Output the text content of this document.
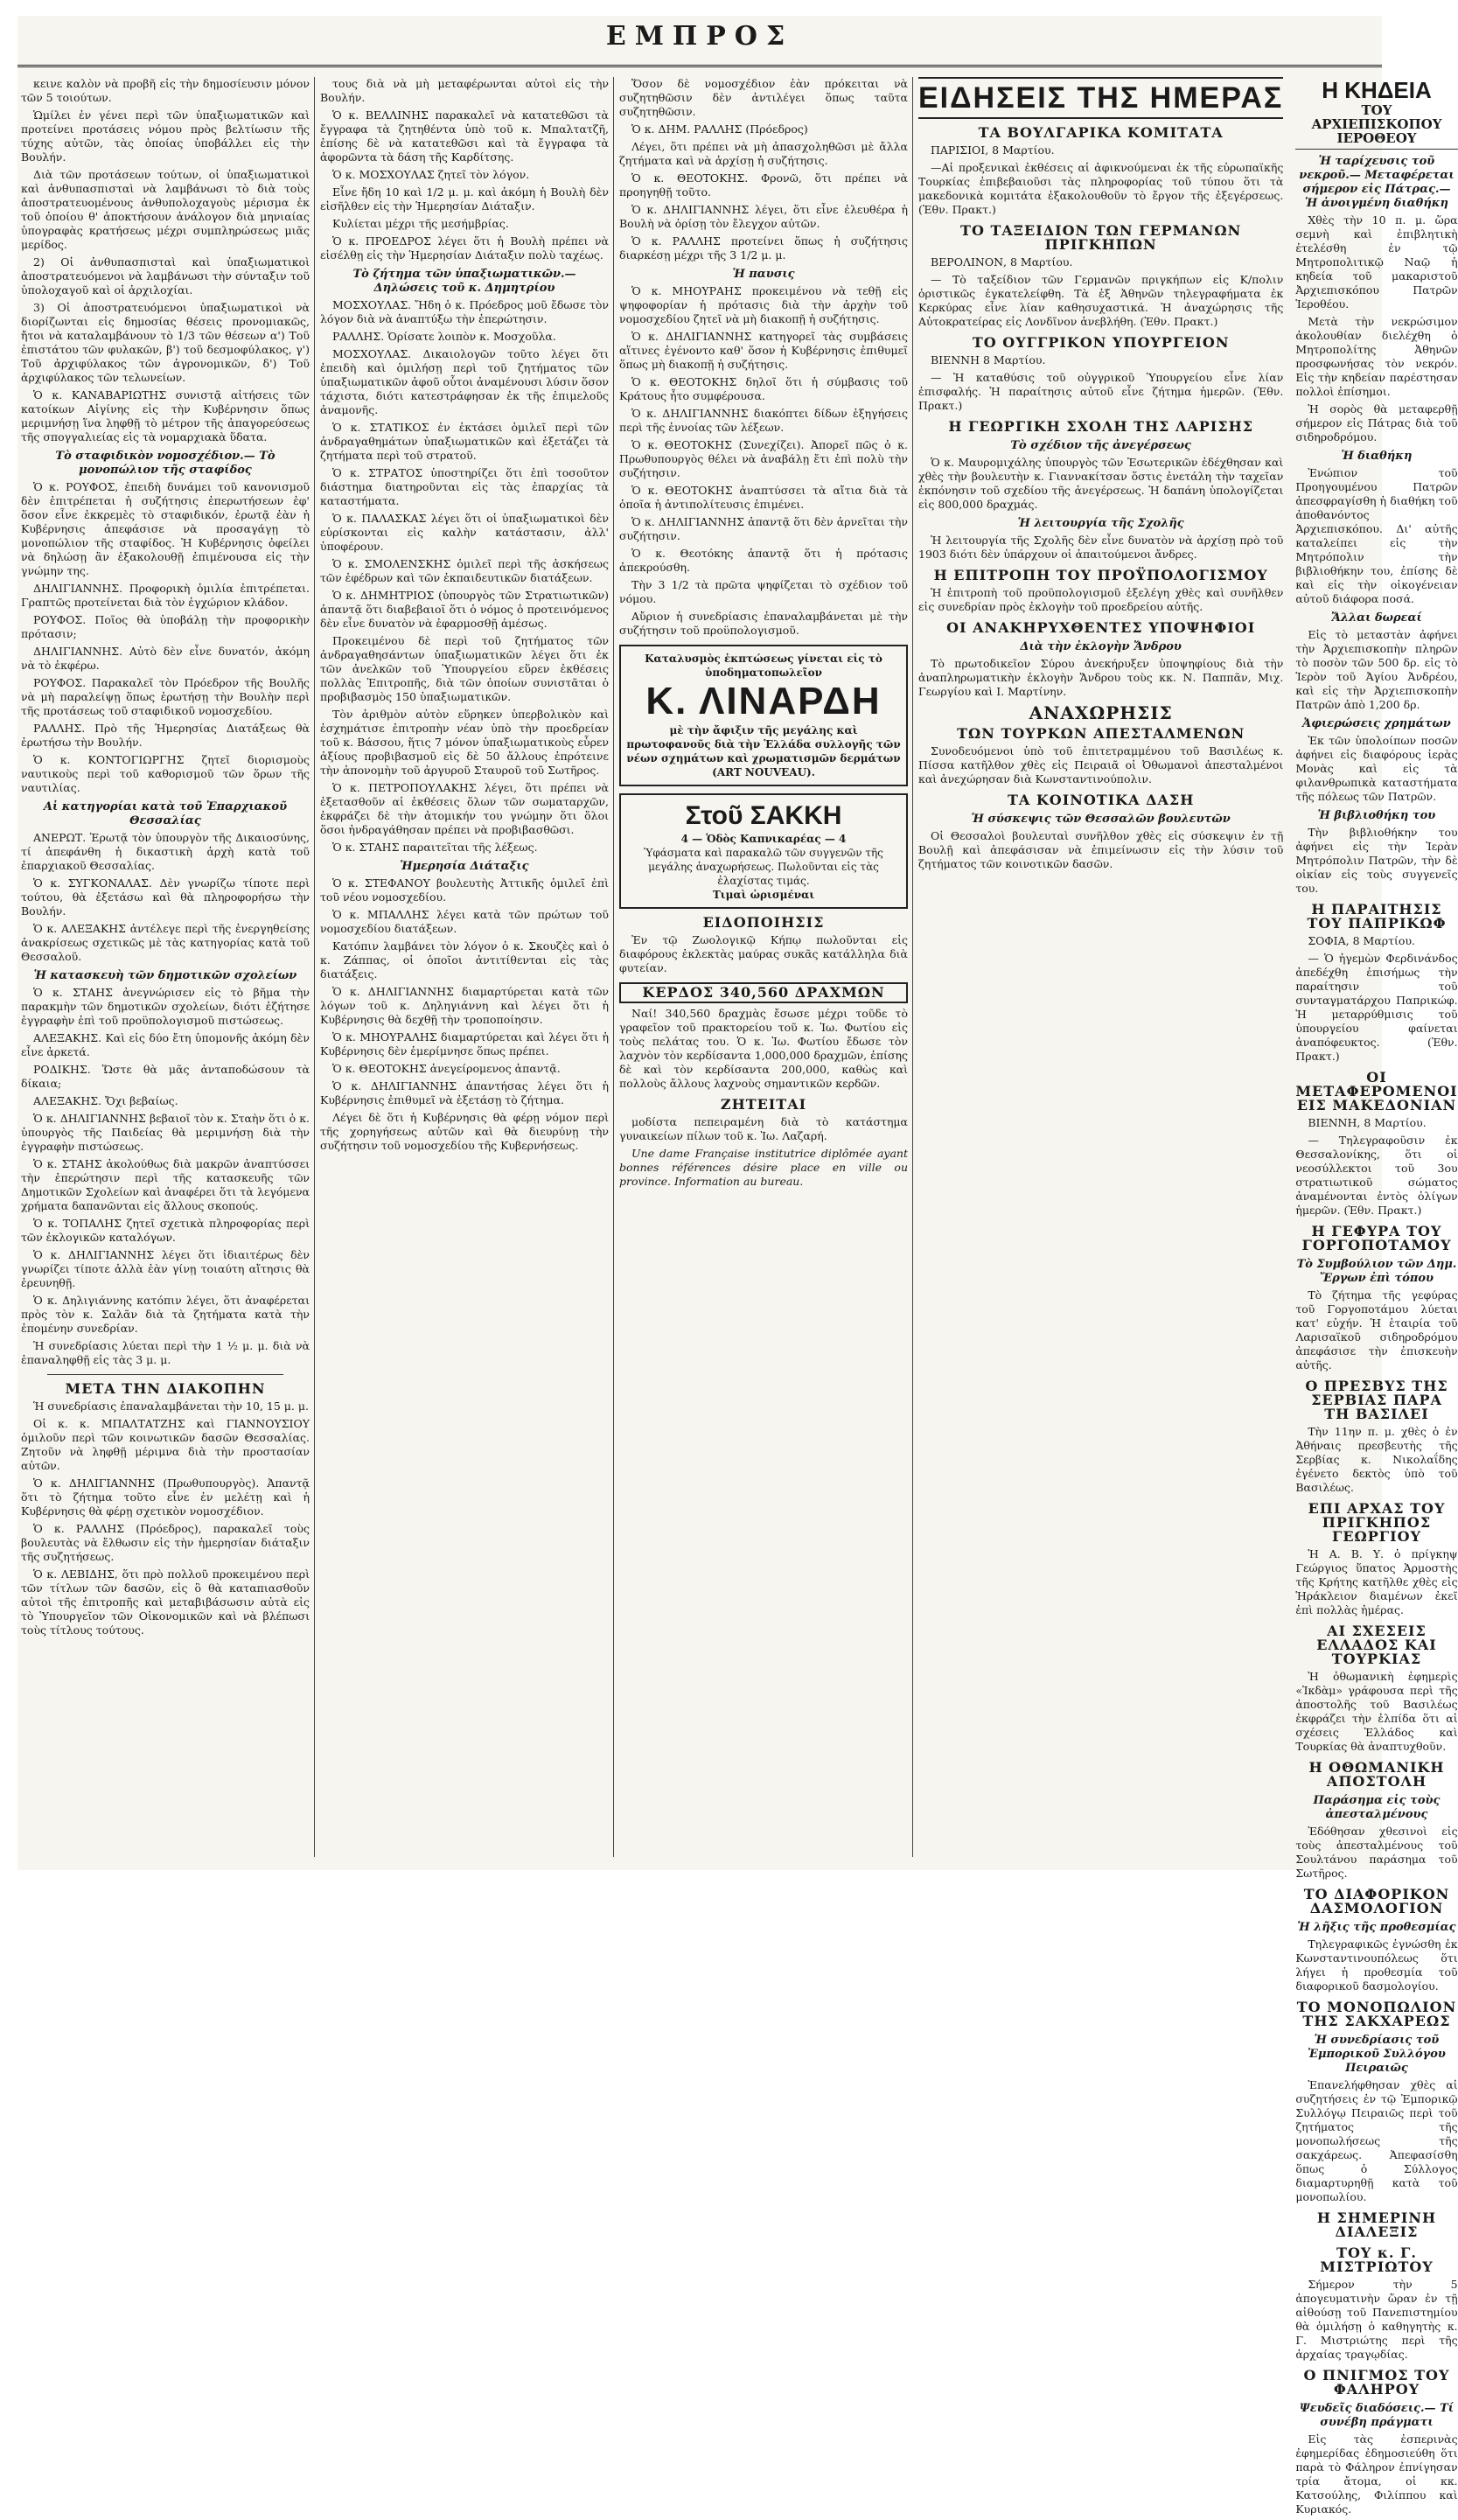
ΕΜΠΡΟΣ

κεινε καλὸν νὰ προβῆ εἰς τὴν δημοσίευσιν μόνον τῶν 5 τοιούτων.

Ὡμίλει ἐν γένει περὶ τῶν ὑπαξιωματικῶν καὶ προτείνει προτάσεις νόμου πρὸς βελτίωσιν τῆς τύχης αὐτῶν, τὰς ὁποίας ὑποβάλλει εἰς τὴν Βουλήν.

Διὰ τῶν προτάσεων τούτων, οἱ ὑπαξιωματικοὶ καὶ ἀνθυπασπισταὶ νὰ λαμβάνωσι τὸ διὰ τοὺς ἀποστρατευομένους ἀνθυπολοχαγοὺς μέρισμα ἐκ τοῦ ὁποίου θ' ἀποκτήσουν ἀνάλογον διὰ μηνιαίας ὑπογραφὰς κρατήσεως μέχρι συμπληρώσεως μιᾶς μερίδος.

2) Οἱ ἀνθυπασπισταὶ καὶ ὑπαξιωματικοὶ ἀποστρατευόμενοι νὰ λαμβάνωσι τὴν σύνταξιν τοῦ ὑπολοχαγοῦ καὶ οἱ ἀρχιλοχίαι.

3) Οἱ ἀποστρατευόμενοι ὑπαξιωματικοὶ νὰ διορίζωνται εἰς δημοσίας θέσεις προνομιακῶς, ἤτοι νὰ καταλαμβάνουν τὸ 1/3 τῶν θέσεων α') Τοῦ ἐπιστάτου τῶν φυλακῶν, β') τοῦ δεσμοφύλακος, γ') Τοῦ ἀρχιφύλακος τῶν ἀγρονομικῶν, δ') Τοῦ ἀρχιφύλακος τῶν τελωνείων.

Ὁ κ. ΚΑΝΑΒΑΡΙΩΤΗΣ συνιστᾷ αἰτήσεις τῶν κατοίκων Αἰγίνης εἰς τὴν Κυβέρνησιν ὅπως μεριμνήσῃ ἵνα ληφθῇ τὸ μέτρον τῆς ἀπαγορεύσεως τῆς σπογγαλιείας εἰς τὰ νομαρχιακὰ ὕδατα.

Τὸ σταφιδικὸν νομοσχέδιον.— Τὸ μονοπώλιον τῆς σταφίδος

Ὁ κ. ΡΟΥΦΟΣ, ἐπειδὴ δυνάμει τοῦ κανονισμοῦ δὲν ἐπιτρέπεται ἡ συζήτησις ἐπερωτήσεων ἐφ' ὅσον εἶνε ἐκκρεμὲς τὸ σταφιδικόν, ἐρωτᾷ ἐὰν ἡ Κυβέρνησις ἀπεφάσισε νὰ προσαγάγῃ τὸ μονοπώλιον τῆς σταφίδος. Ἡ Κυβέρνησις ὀφείλει νὰ δηλώσῃ ἂν ἐξακολουθῇ ἐπιμένουσα εἰς τὴν γνώμην της.

ΔΗΛΙΓΙΑΝΝΗΣ. Προφορικὴ ὁμιλία ἐπιτρέπεται. Γραπτῶς προτείνεται διὰ τὸν ἐγχώριον κλάδον.

ΡΟΥΦΟΣ. Ποῖος θὰ ὑποβάλῃ τὴν προφορικὴν πρότασιν;

ΔΗΛΙΓΙΑΝΝΗΣ. Αὐτὸ δὲν εἶνε δυνατόν, ἀκόμη νὰ τὸ ἐκφέρω.

ΡΟΥΦΟΣ. Παρακαλεῖ τὸν Πρόεδρον τῆς Βουλῆς νὰ μὴ παραλείψῃ ὅπως ἐρωτήσῃ τὴν Βουλὴν περὶ τῆς προτάσεως τοῦ σταφιδικοῦ νομοσχεδίου.

ΡΑΛΛΗΣ. Πρὸ τῆς Ἡμερησίας Διατάξεως θὰ ἐρωτήσω τὴν Βουλήν.

Ὁ κ. ΚΟΝΤΟΓΙΩΡΓΗΣ ζητεῖ διορισμοὺς ναυτικοὺς περὶ τοῦ καθορισμοῦ τῶν ὅρων τῆς ναυτιλίας.

Αἱ κατηγορίαι κατὰ τοῦ Ἐπαρχιακοῦ Θεσσαλίας

ΑΝΕΡΩΤ. Ἐρωτᾷ τὸν ὑπουργὸν τῆς Δικαιοσύνης, τί ἀπεφάνθη ἡ δικαστικὴ ἀρχὴ κατὰ τοῦ ἐπαρχιακοῦ Θεσσαλίας.

Ὁ κ. ΣΥΓΚΟΝΑΛΑΣ. Δὲν γνωρίζω τίποτε περὶ τούτου, θὰ ἐξετάσω καὶ θὰ πληροφορήσω τὴν Βουλήν.

Ὁ κ. ΑΛΕΞΑΚΗΣ ἀντέλεγε περὶ τῆς ἐνεργηθείσης ἀνακρίσεως σχετικῶς μὲ τὰς κατηγορίας κατὰ τοῦ Θεσσαλοῦ.

Ἡ κατασκευὴ τῶν δημοτικῶν σχολείων

Ὁ κ. ΣΤΑΗΣ ἀνεγνώρισεν εἰς τὸ βῆμα τὴν παρακμὴν τῶν δημοτικῶν σχολείων, διότι ἐζήτησε ἐγγραφὴν ἐπὶ τοῦ προϋπολογισμοῦ πιστώσεως.

ΑΛΕΞΑΚΗΣ. Καὶ εἰς δύο ἔτη ὑπομονῆς ἀκόμη δὲν εἶνε ἀρκετά.

ΡΟΔΙΚΗΣ. Ὥστε θὰ μᾶς ἀνταποδώσουν τὰ δίκαια;

ΑΛΕΞΑΚΗΣ. Ὄχι βεβαίως.

Ὁ κ. ΔΗΛΙΓΙΑΝΝΗΣ βεβαιοῖ τὸν κ. Σταὴν ὅτι ὁ κ. ὑπουργὸς τῆς Παιδείας θὰ μεριμνήσῃ διὰ τὴν ἐγγραφὴν πιστώσεως.

Ὁ κ. ΣΤΑΗΣ ἀκολούθως διὰ μακρῶν ἀναπτύσσει τὴν ἐπερώτησιν περὶ τῆς κατασκευῆς τῶν Δημοτικῶν Σχολείων καὶ ἀναφέρει ὅτι τὰ λεγόμενα χρήματα δαπανῶνται εἰς ἄλλους σκοπούς.

Ὁ κ. ΤΟΠΑΛΗΣ ζητεῖ σχετικὰ πληροφορίας περὶ τῶν ἐκλογικῶν καταλόγων.

Ὁ κ. ΔΗΛΙΓΙΑΝΝΗΣ λέγει ὅτι ἰδιαιτέρως δὲν γνωρίζει τίποτε ἀλλὰ ἐὰν γίνῃ τοιαύτη αἴτησις θὰ ἐρευνηθῇ.

Ὁ κ. Δηλιγιάννης κατόπιν λέγει, ὅτι ἀναφέρεται πρὸς τὸν κ. Σαλᾶν διὰ τὰ ζητήματα κατὰ τὴν ἐπομένην συνεδρίαν.

Ἡ συνεδρίασις λύεται περὶ τὴν 1 ½ μ. μ. διὰ νὰ ἐπαναληφθῇ εἰς τὰς 3 μ. μ.

ΜΕΤΑ ΤΗΝ ΔΙΑΚΟΠΗΝ

Ἡ συνεδρίασις ἐπαναλαμβάνεται τὴν 10, 15 μ. μ.

Οἱ κ. κ. ΜΠΑΛΤΑΤΖΗΣ καὶ ΓΙΑΝΝΟΥΣΙΟΥ ὁμιλοῦν περὶ τῶν κοινωτικῶν δασῶν Θεσσαλίας. Ζητοῦν νὰ ληφθῇ μέριμνα διὰ τὴν προστασίαν αὐτῶν.

Ὁ κ. ΔΗΛΙΓΙΑΝΝΗΣ (Πρωθυπουργὸς). Ἀπαντᾷ ὅτι τὸ ζήτημα τοῦτο εἶνε ἐν μελέτῃ καὶ ἡ Κυβέρνησις θὰ φέρῃ σχετικὸν νομοσχέδιον.

Ὁ κ. ΡΑΛΛΗΣ (Πρόεδρος), παρακαλεῖ τοὺς βουλευτὰς νὰ ἔλθωσιν εἰς τὴν ἡμερησίαν διάταξιν τῆς συζητήσεως.

Ὁ κ. ΛΕΒΙΔΗΣ, ὅτι πρὸ πολλοῦ προκειμένου περὶ τῶν τίτλων τῶν δασῶν, εἰς ὃ θὰ καταπιασθοῦν αὐτοὶ τῆς ἐπιτροπῆς καὶ μεταβιβάσωσιν αὐτὰ εἰς τὸ Ὑπουργεῖον τῶν Οἰκονομικῶν καὶ νὰ βλέπωσι τοὺς τίτλους τούτους.

τους διὰ νὰ μὴ μεταφέρωνται αὐτοὶ εἰς τὴν Βουλήν.

Ὁ κ. ΒΕΛΛΙΝΗΣ παρακαλεῖ νὰ κατατεθῶσι τὰ ἔγγραφα τὰ ζητηθέντα ὑπὸ τοῦ κ. Μπαλτατζῆ, ἐπίσης δὲ νὰ κατατεθῶσι καὶ τὰ ἔγγραφα τὰ ἀφορῶντα τὰ δάση τῆς Καρδίτσης.

Ὁ κ. ΜΟΣΧΟΥΛΑΣ ζητεῖ τὸν λόγον.

Εἶνε ἤδη 10 καὶ 1/2 μ. μ. καὶ ἀκόμη ἡ Βουλὴ δὲν εἰσῆλθεν εἰς τὴν Ἡμερησίαν Διάταξιν.

Κυλίεται μέχρι τῆς μεσήμβρίας.

Ὁ κ. ΠΡΟΕΔΡΟΣ λέγει ὅτι ἡ Βουλὴ πρέπει νὰ εἰσέλθῃ εἰς τὴν Ἡμερησίαν Διάταξιν πολὺ ταχέως.

Τὸ ζήτημα τῶν ὑπαξιωματικῶν.— Δηλώσεις τοῦ κ. Δημητρίου

ΜΟΣΧΟΥΛΑΣ. Ἤδη ὁ κ. Πρόεδρος μοῦ ἔδωσε τὸν λόγον διὰ νὰ ἀναπτύξω τὴν ἐπερώτησιν.

ΡΑΛΛΗΣ. Ὁρίσατε λοιπὸν κ. Μοσχοῦλα.

ΜΟΣΧΟΥΛΑΣ. Δικαιολογῶν τοῦτο λέγει ὅτι ἐπειδὴ καὶ ὁμιλήσῃ περὶ τοῦ ζητήματος τῶν ὑπαξιωματικῶν ἀφοῦ οὗτοι ἀναμένουσι λύσιν ὅσον τάχιστα, διότι κατεστράφησαν ἐκ τῆς ἐπιμελοῦς ἀναμονῆς.

Ὁ κ. ΣΤΑΤΙΚΟΣ ἐν ἐκτάσει ὁμιλεῖ περὶ τῶν ἀνδραγαθημάτων ὑπαξιωματικῶν καὶ ἐξετάζει τὰ ζητήματα περὶ τοῦ στρατοῦ.

Ὁ κ. ΣΤΡΑΤΟΣ ὑποστηρίζει ὅτι ἐπὶ τοσοῦτον διάστημα διατηροῦνται εἰς τὰς ἐπαρχίας τὰ καταστήματα.

Ὁ κ. ΠΑΛΑΣΚΑΣ λέγει ὅτι οἱ ὑπαξιωματικοὶ δὲν εὑρίσκονται εἰς καλὴν κατάστασιν, ἀλλ' ὑποφέρουν.

Ὁ κ. ΣΜΟΛΕΝΣΚΗΣ ὁμιλεῖ περὶ τῆς ἀσκήσεως τῶν ἐφέδρων καὶ τῶν ἐκπαιδευτικῶν διατάξεων.

Ὁ κ. ΔΗΜΗΤΡΙΟΣ (ὑπουργὸς τῶν Στρατιωτικῶν) ἀπαντᾷ ὅτι διαβεβαιοῖ ὅτι ὁ νόμος ὁ προτεινόμενος δὲν εἶνε δυνατὸν νὰ ἐφαρμοσθῇ ἀμέσως.

Προκειμένου δὲ περὶ τοῦ ζητήματος τῶν ἀνδραγαθησάντων ὑπαξιωματικῶν λέγει ὅτι ἐκ τῶν ἀνελκῶν τοῦ Ὑπουργείου εὕρεν ἐκθέσεις πολλὰς Ἐπιτροπῆς, διὰ τῶν ὁποίων συνιστᾶται ὁ προβιβασμὸς 150 ὑπαξιωματικῶν.

Τὸν ἀριθμὸν αὐτὸν εὕρηκεν ὑπερβολικὸν καὶ ἐσχημάτισε ἐπιτροπὴν νέαν ὑπὸ τὴν προεδρείαν τοῦ κ. Βάσσου, ἥτις 7 μόνον ὑπαξιωματικοὺς εὗρεν ἀξίους προβιβασμοῦ εἰς δὲ 50 ἄλλους ἐπρότεινε τὴν ἀπονομὴν τοῦ ἀργυροῦ Σταυροῦ τοῦ Σωτῆρος.

Ὁ κ. ΠΕΤΡΟΠΟΥΛΑΚΗΣ λέγει, ὅτι πρέπει νὰ ἐξετασθοῦν αἱ ἐκθέσεις ὅλων τῶν σωματαρχῶν, ἐκφράζει δὲ τὴν ἀτομικήν του γνώμην ὅτι ὅλοι ὅσοι ἠνδραγάθησαν πρέπει νὰ προβιβασθῶσι.

Ὁ κ. ΣΤΑΗΣ παραιτεῖται τῆς λέξεως.

Ἡμερησία Διάταξις

Ὁ κ. ΣΤΕΦΑΝΟΥ βουλευτὴς Ἀττικῆς ὁμιλεῖ ἐπὶ τοῦ νέου νομοσχεδίου.

Ὁ κ. ΜΠΑΛΛΗΣ λέγει κατὰ τῶν πρώτων τοῦ νομοσχεδίου διατάξεων.

Κατόπιν λαμβάνει τὸν λόγον ὁ κ. Σκουζὲς καὶ ὁ κ. Ζάππας, οἱ ὁποῖοι ἀντιτίθενται εἰς τὰς διατάξεις.

Ὁ κ. ΔΗΛΙΓΙΑΝΝΗΣ διαμαρτύρεται κατὰ τῶν λόγων τοῦ κ. Δηληγιάννη καὶ λέγει ὅτι ἡ Κυβέρνησις θὰ δεχθῇ τὴν τροποποίησιν.

Ὁ κ. ΜΗΟΥΡΑΛΗΣ διαμαρτύρεται καὶ λέγει ὅτι ἡ Κυβέρνησις δὲν ἐμερίμνησε ὅπως πρέπει.

Ὁ κ. ΘΕΟΤΟΚΗΣ ἀνεγείρομενος ἀπαντᾷ.

Ὁ κ. ΔΗΛΙΓΙΑΝΝΗΣ ἀπαντήσας λέγει ὅτι ἡ Κυβέρνησις ἐπιθυμεῖ νὰ ἐξετάσῃ τὸ ζήτημα.

Λέγει δὲ ὅτι ἡ Κυβέρνησις θὰ φέρῃ νόμον περὶ τῆς χορηγήσεως αὐτῶν καὶ θὰ διευρύνῃ τὴν συζήτησιν τοῦ νομοσχεδίου τῆς Κυβερνήσεως.

Ὅσον δὲ νομοσχέδιον ἐὰν πρόκειται νὰ συζητηθῶσιν δὲν ἀντιλέγει ὅπως ταῦτα συζητηθῶσιν.

Ὁ κ. ΔΗΜ. ΡΑΛΛΗΣ (Πρόεδρος)

Λέγει, ὅτι πρέπει νὰ μὴ ἀπασχοληθῶσι μὲ ἄλλα ζητήματα καὶ νὰ ἀρχίσῃ ἡ συζήτησις.

Ὁ κ. ΘΕΟΤΟΚΗΣ. Φρονῶ, ὅτι πρέπει νὰ προηγηθῇ τοῦτο.

Ὁ κ. ΔΗΛΙΓΙΑΝΝΗΣ λέγει, ὅτι εἶνε ἐλευθέρα ἡ Βουλὴ νὰ ὁρίσῃ τὸν ἔλεγχον αὐτῶν.

Ὁ κ. ΡΑΛΛΗΣ προτείνει ὅπως ἡ συζήτησις διαρκέσῃ μέχρι τῆς 3 1/2 μ. μ.

Ἡ παυσις

Ὁ κ. ΜΗΟΥΡΑΗΣ προκειμένου νὰ τεθῇ εἰς ψηφοφορίαν ἡ πρότασις διὰ τὴν ἀρχὴν τοῦ νομοσχεδίου ζητεῖ νὰ μὴ διακοπῇ ἡ συζήτησις.

Ὁ κ. ΔΗΛΙΓΙΑΝΝΗΣ κατηγορεῖ τὰς συμβάσεις αἵτινες ἐγένοντο καθ' ὅσον ἡ Κυβέρνησις ἐπιθυμεῖ ὅπως μὴ διακοπῇ ἡ συζήτησις.

Ὁ κ. ΘΕΟΤΟΚΗΣ δηλοῖ ὅτι ἡ σύμβασις τοῦ Κράτους ἦτο συμφέρουσα.

Ὁ κ. ΔΗΛΙΓΙΑΝΝΗΣ διακόπτει δίδων ἐξηγήσεις περὶ τῆς ἐννοίας τῶν λέξεων.

Ὁ κ. ΘΕΟΤΟΚΗΣ (Συνεχίζει). Ἀπορεῖ πῶς ὁ κ. Πρωθυπουργὸς θέλει νὰ ἀναβάλῃ ἔτι ἐπὶ πολὺ τὴν συζήτησιν.

Ὁ κ. ΘΕΟΤΟΚΗΣ ἀναπτύσσει τὰ αἴτια διὰ τὰ ὁποῖα ἡ ἀντιπολίτευσις ἐπιμένει.

Ὁ κ. ΔΗΛΙΓΙΑΝΝΗΣ ἀπαντᾷ ὅτι δὲν ἀρνεῖται τὴν συζήτησιν.

Ὁ κ. Θεοτόκης ἀπαντᾷ ὅτι ἡ πρότασις ἀπεκρούσθη.

Τὴν 3 1/2 τὰ πρῶτα ψηφίζεται τὸ σχέδιον τοῦ νόμου.

Αὔριον ἡ συνεδρίασις ἐπαναλαμβάνεται μὲ τὴν συζήτησιν τοῦ προϋπολογισμοῦ.

Καταλυσμὸς ἐκπτώσεως γίνεται εἰς τὸ ὑποδηματοπωλεῖον
Κ. ΛΙΝΑΡΔΗ
μὲ τὴν ἄφιξιν τῆς μεγάλης καὶ πρωτοφανοῦς διὰ τὴν Ἑλλάδα συλλογῆς τῶν νέων σχημάτων καὶ χρωματισμῶν δερμάτων (ART NOUVEAU).
Στοῦ ΣΑΚΚΗ
4 — Ὁδὸς Καπνικαρέας — 4
Ὑφάσματα καὶ παρακαλῶ τῶν συγγενῶν τῆς μεγάλης ἀναχωρήσεως. Πωλοῦνται εἰς τὰς ἐλαχίστας τιμάς.
Τιμαὶ ὡρισμέναι
ΕΙΔΟΠΟΙΗΣΙΣ

Ἐν τῷ Ζωολογικῷ Κήπῳ πωλοῦνται εἰς διαφόρους ἐκλεκτὰς μαύρας συκᾶς κατάλληλα διὰ φυτείαν.

ΚΕΡΔΟΣ 340,560 ΔΡΑΧΜΩΝ

Ναί! 340,560 δραχμὰς ἔσωσε μέχρι τοῦδε τὸ γραφεῖον τοῦ πρακτορείου τοῦ κ. Ἰω. Φωτίου εἰς τοὺς πελάτας του. Ὁ κ. Ἰω. Φωτίου ἔδωσε τὸν λαχνὸν τὸν κερδίσαντα 1,000,000 δραχμῶν, ἐπίσης δὲ καὶ τὸν κερδίσαντα 200,000, καθὼς καὶ πολλοὺς ἄλλους λαχνοὺς σημαντικῶν κερδῶν.

ΖΗΤΕΙΤΑΙ

μοδίστα πεπειραμένη διὰ τὸ κατάστημα γυναικείων πίλων τοῦ κ. Ἰω. Λαζαρή.

Une dame Française institutrice diplômée ayant bonnes références désire place en ville ou province. Information au bureau.

ΕΙΔΗΣΕΙΣ ΤΗΣ ΗΜΕΡΑΣ
ΤΑ ΒΟΥΛΓΑΡΙΚΑ ΚΟΜΙΤΑΤΑ

ΠΑΡΙΣΙΟΙ, 8 Μαρτίου.

—Αἱ προξενικαὶ ἐκθέσεις αἱ ἀφικνούμεναι ἐκ τῆς εὐρωπαϊκῆς Τουρκίας ἐπιβεβαιοῦσι τὰς πληροφορίας τοῦ τύπου ὅτι τὰ μακεδονικὰ κομιτάτα ἐξακολουθοῦν τὸ ἔργον τῆς ἐξεγέρσεως. (Ἐθν. Πρακτ.)

ΤΟ ΤΑΞΕΙΔΙΟΝ ΤΩΝ ΓΕΡΜΑΝΩΝ ΠΡΙΓΚΗΠΩΝ

ΒΕΡΟΛΙΝΟΝ, 8 Μαρτίου.

— Τὸ ταξείδιον τῶν Γερμανῶν πριγκήπων εἰς Κ/πολιν ὁριστικῶς ἐγκατελείφθη. Τὰ ἐξ Ἀθηνῶν τηλεγραφήματα ἐκ Κερκύρας εἶνε λίαν καθησυχαστικά. Ἡ ἀναχώρησις τῆς Αὐτοκρατείρας εἰς Λονδῖνον ἀνεβλήθη. (Ἐθν. Πρακτ.)

ΤΟ ΟΥΓΓΡΙΚΟΝ ΥΠΟΥΡΓΕΙΟΝ

ΒΙΕΝΝΗ 8 Μαρτίου.

— Ἡ καταθύσις τοῦ οὐγγρικοῦ Ὑπουργείου εἶνε λίαν ἐπισφαλής. Ἡ παραίτησις αὐτοῦ εἶνε ζήτημα ἡμερῶν. (Ἐθν. Πρακτ.)

Η ΓΕΩΡΓΙΚΗ ΣΧΟΛΗ ΤΗΣ ΛΑΡΙΣΗΣ
Τὸ σχέδιον τῆς ἀνεγέρσεως

Ὁ κ. Μαυρομιχάλης ὑπουργὸς τῶν Ἐσωτερικῶν ἐδέχθησαν καὶ χθὲς τὴν βουλευτὴν κ. Γιαννακίτσαν ὅστις ἐνετάλη τὴν ταχεῖαν ἐκπόνησιν τοῦ σχεδίου τῆς ἀνεγέρσεως. Ἡ δαπάνη ὑπολογίζεται εἰς 800,000 δραχμάς.

Ἡ λειτουργία τῆς Σχολῆς

Ἡ λειτουργία τῆς Σχολῆς δὲν εἶνε δυνατὸν νὰ ἀρχίσῃ πρὸ τοῦ 1903 διότι δὲν ὑπάρχουν οἱ ἀπαιτούμενοι ἄνδρες.

Η ΕΠΙΤΡΟΠΗ ΤΟΥ ΠΡΟΫΠΟΛΟΓΙΣΜΟΥ

Ἡ ἐπιτροπὴ τοῦ προϋπολογισμοῦ ἐξελέγη χθὲς καὶ συνῆλθεν εἰς συνεδρίαν πρὸς ἐκλογὴν τοῦ προεδρείου αὐτῆς.

ΟΙ ΑΝΑΚΗΡΥΧΘΕΝΤΕΣ ΥΠΟΨΗΦΙΟΙ
Διὰ τὴν ἐκλογὴν Ἄνδρου

Τὸ πρωτοδικεῖον Σύρου ἀνεκήρυξεν ὑποψηφίους διὰ τὴν ἀναπληρωματικὴν ἐκλογὴν Ἄνδρου τοὺς κκ. Ν. Παππᾶν, Μιχ. Γεωργίου καὶ Ι. Μαρτίνην.

ΑΝΑΧΩΡΗΣΙΣ
ΤΩΝ ΤΟΥΡΚΩΝ ΑΠΕΣΤΑΛΜΕΝΩΝ

Συνοδευόμενοι ὑπὸ τοῦ ἐπιτετραμμένου τοῦ Βασιλέως κ. Πίσσα κατῆλθον χθὲς εἰς Πειραιᾶ οἱ Ὀθωμανοὶ ἀπεσταλμένοι καὶ ἀνεχώρησαν διὰ Κωνσταντινούπολιν.

ΤΑ ΚΟΙΝΟΤΙΚΑ ΔΑΣΗ
Ἡ σύσκεψις τῶν Θεσσαλῶν βουλευτῶν

Οἱ Θεσσαλοὶ βουλευταὶ συνῆλθον χθὲς εἰς σύσκεψιν ἐν τῇ Βουλῇ καὶ ἀπεφάσισαν νὰ ἐπιμείνωσιν εἰς τὴν λύσιν τοῦ ζητήματος τῶν κοινοτικῶν δασῶν.

Η ΚΗΔΕΙΑ
ΤΟΥ ΑΡΧΙΕΠΙΣΚΟΠΟΥ ΙΕΡΟΘΕΟΥ
Ἡ ταρίχευσις τοῦ νεκροῦ.— Μεταφέρεται σήμερον εἰς Πάτρας.— Ἡ ἀνοιγμένη διαθήκη

Χθὲς τὴν 10 π. μ. ὥρα σεμνὴ καὶ ἐπιβλητικὴ ἐτελέσθη ἐν τῷ Μητροπολιτικῷ Ναῷ ἡ κηδεία τοῦ μακαριστοῦ Ἀρχιεπισκόπου Πατρῶν Ἱεροθέου.

Μετὰ τὴν νεκρώσιμον ἀκολουθίαν διελέχθη ὁ Μητροπολίτης Ἀθηνῶν προσφωνήσας τὸν νεκρόν. Εἰς τὴν κηδείαν παρέστησαν πολλοὶ ἐπίσημοι.

Ἡ σορὸς θὰ μεταφερθῇ σήμερον εἰς Πάτρας διὰ τοῦ σιδηροδρόμου.

Ἡ διαθήκη

Ἐνώπιον τοῦ Προηγουμένου Πατρῶν ἀπεσφραγίσθη ἡ διαθήκη τοῦ ἀποθανόντος Ἀρχιεπισκόπου. Δι' αὐτῆς καταλείπει εἰς τὴν Μητρόπολιν τὴν βιβλιοθήκην του, ἐπίσης δὲ καὶ εἰς τὴν οἰκογένειαν αὐτοῦ διάφορα ποσά.

Ἄλλαι δωρεαί

Εἰς τὸ μεταστὰν ἀφήνει τὴν Ἀρχιεπισκοπὴν πληρῶν τὸ ποσὸν τῶν 500 δρ. εἰς τὸ Ἱερὸν τοῦ Ἀγίου Ἀνδρέου, καὶ εἰς τὴν Ἀρχιεπισκοπὴν Πατρῶν ἀπὸ 1,200 δρ.

Ἀφιερώσεις χρημάτων

Ἐκ τῶν ὑπολοίπων ποσῶν ἀφήνει εἰς διαφόρους ἱερὰς Μονὰς καὶ εἰς τὰ φιλανθρωπικὰ καταστήματα τῆς πόλεως τῶν Πατρῶν.

Ἡ βιβλιοθήκη του

Τὴν βιβλιοθήκην του ἀφήνει εἰς τὴν Ἱερὰν Μητρόπολιν Πατρῶν, τὴν δὲ οἰκίαν εἰς τοὺς συγγενεῖς του.

Η ΠΑΡΑΙΤΗΣΙΣ ΤΟΥ ΠΑΠΡΙΚΩΦ

ΣΟΦΙΑ, 8 Μαρτίου.

— Ὁ ἡγεμὼν Φερδινάνδος ἀπεδέχθη ἐπισήμως τὴν παραίτησιν τοῦ συνταγματάρχου Παπρικώφ. Ἡ μεταρρύθμισις τοῦ ὑπουργείου φαίνεται ἀναπόφευκτος. (Ἐθν. Πρακτ.)

ΟΙ ΜΕΤΑΦΕΡΟΜΕΝΟΙ ΕΙΣ ΜΑΚΕΔΟΝΙΑΝ

ΒΙΕΝΝΗ, 8 Μαρτίου.

— Τηλεγραφοῦσιν ἐκ Θεσσαλονίκης, ὅτι οἱ νεοσύλλεκτοι τοῦ 3ου στρατιωτικοῦ σώματος ἀναμένονται ἐντὸς ὀλίγων ἡμερῶν. (Ἐθν. Πρακτ.)

Η ΓΕΦΥΡΑ ΤΟΥ ΓΟΡΓΟΠΟΤΑΜΟΥ
Τὸ Συμβούλιον τῶν Δημ. Ἔργων ἐπὶ τόπου

Τὸ ζήτημα τῆς γεφύρας τοῦ Γοργοποτάμου λύεται κατ' εὐχήν. Ἡ ἑταιρία τοῦ Λαρισαϊκοῦ σιδηροδρόμου ἀπεφάσισε τὴν ἐπισκευὴν αὐτῆς.

Ο ΠΡΕΣΒΥΣ ΤΗΣ ΣΕΡΒΙΑΣ ΠΑΡΑ ΤΗ ΒΑΣΙΛΕΙ

Τὴν 11ην π. μ. χθὲς ὁ ἐν Ἀθήναις πρεσβευτὴς τῆς Σερβίας κ. Νικολαΐδης ἐγένετο δεκτὸς ὑπὸ τοῦ Βασιλέως.

ΕΠΙ ΑΡΧΑΣ ΤΟΥ ΠΡΙΓΚΗΠΟΣ ΓΕΩΡΓΙΟΥ

Ἡ Α. Β. Υ. ὁ πρίγκηψ Γεώργιος ὕπατος Ἁρμοστὴς τῆς Κρήτης κατῆλθε χθὲς εἰς Ἡράκλειον διαμένων ἐκεῖ ἐπὶ πολλὰς ἡμέρας.

ΑΙ ΣΧΕΣΕΙΣ ΕΛΛΑΔΟΣ ΚΑΙ ΤΟΥΡΚΙΑΣ

Ἡ ὀθωμανικὴ ἐφημερὶς «Ἰκδὰμ» γράφουσα περὶ τῆς ἀποστολῆς τοῦ Βασιλέως ἐκφράζει τὴν ἐλπίδα ὅτι αἱ σχέσεις Ἑλλάδος καὶ Τουρκίας θὰ ἀναπτυχθοῦν.

Η ΟΘΩΜΑΝΙΚΗ ΑΠΟΣΤΟΛΗ
Παράσημα εἰς τοὺς ἀπεσταλμένους

Ἐδόθησαν χθεσινοὶ εἰς τοὺς ἀπεσταλμένους τοῦ Σουλτάνου παράσημα τοῦ Σωτῆρος.

ΤΟ ΔΙΑΦΟΡΙΚΟΝ ΔΑΣΜΟΛΟΓΙΟΝ
Ἡ λῆξις τῆς προθεσμίας

Τηλεγραφικῶς ἐγνώσθη ἐκ Κωνσταντινουπόλεως ὅτι λήγει ἡ προθεσμία τοῦ διαφορικοῦ δασμολογίου.

ΤΟ ΜΟΝΟΠΩΛΙΟΝ ΤΗΣ ΣΑΚΧΑΡΕΩΣ
Ἡ συνεδρίασις τοῦ Ἐμπορικοῦ Συλλόγου Πειραιῶς

Ἐπανελήφθησαν χθὲς αἱ συζητήσεις ἐν τῷ Ἐμπορικῷ Συλλόγῳ Πειραιῶς περὶ τοῦ ζητήματος τῆς μονοπωλήσεως τῆς σακχάρεως. Ἀπεφασίσθη ὅπως ὁ Σύλλογος διαμαρτυρηθῇ κατὰ τοῦ μονοπωλίου.

Η ΣΗΜΕΡΙΝΗ ΔΙΑΛΕΞΙΣ
ΤΟΥ κ. Γ. ΜΙΣΤΡΙΩΤΟΥ

Σήμερον τὴν 5 ἀπογευματινὴν ὥραν ἐν τῇ αἰθούσῃ τοῦ Πανεπιστημίου θὰ ὁμιλήσῃ ὁ καθηγητὴς κ. Γ. Μιστριώτης περὶ τῆς ἀρχαίας τραγῳδίας.

Ο ΠΝΙΓΜΟΣ ΤΟΥ ΦΑΛΗΡΟΥ
Ψευδεῖς διαδόσεις.— Τί συνέβη πράγματι

Εἰς τὰς ἐσπερινὰς ἐφημερίδας ἐδημοσιεύθη ὅτι παρὰ τὸ Φάληρον ἐπνίγησαν τρία ἄτομα, οἱ κκ. Κατσούλης, Φιλίππου καὶ Κυριακός.
